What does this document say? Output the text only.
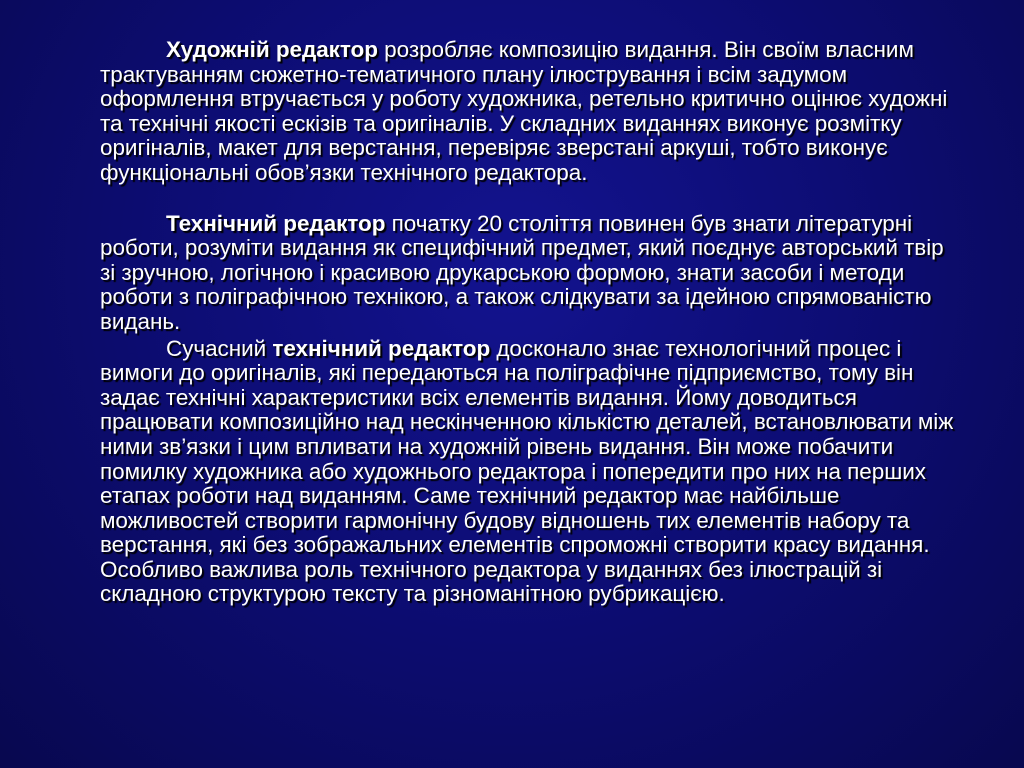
Художній редактор розробляє композицію видання. Він своїм власним трактуванням сюжетно-тематичного плану ілюстрування і всім задумом оформлення втручається у роботу художника, ретельно критично оцінює художні та технічні якості ескізів та оригіналів. У складних виданнях виконує розмітку оригіналів, макет для верстання, перевіряє зверстані аркуші, тобто виконує функціональні обов’язки технічного редактора.

Технічний редактор початку 20 століття повинен був знати літературні роботи, розуміти видання як специфічний предмет, який поєднує авторський твір зі зручною, логічною і красивою друкарською формою, знати засоби і методи роботи з поліграфічною технікою, а також слідкувати за ідейною спрямованістю видань.

Сучасний технічний редактор досконало знає технологічний процес і вимоги до оригіналів, які передаються на поліграфічне підприємство, тому він задає технічні характеристики всіх елементів видання. Йому доводиться працювати композиційно над нескінченною кількістю деталей, встановлювати між ними зв’язки і цим впливати на художній рівень видання. Він може побачити помилку художника або художнього редактора і попередити про них на перших етапах роботи над виданням. Саме технічний редактор має найбільше можливостей створити гармонічну будову відношень тих елементів набору та верстання, які без зображальних елементів спроможні створити красу видання. Особливо важлива роль технічного редактора у виданнях без ілюстрацій зі складною структурою тексту та різноманітною рубрикацією.
